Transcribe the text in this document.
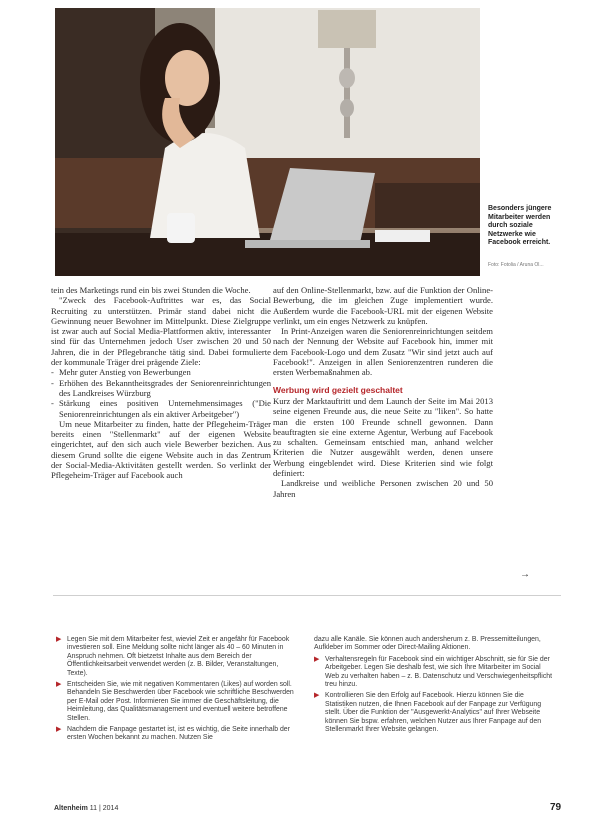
Besonders jüngere Mitarbeiter werden durch soziale Netzwerke wie Facebook erreicht.
Foto: Fotolia / Aruna Ol...

tein des Marketings rund ein bis zwei Stunden die Woche.

"Zweck des Facebook-Auftrittes war es, das Social Recruiting zu unterstützen. Primär stand dabei nicht die Gewinnung neuer Bewohner im Mittelpunkt. Diese Zielgruppe ist zwar auch auf Social Media-Plattformen aktiv, interessanter sind für das Unternehmen jedoch User zwischen 20 und 50 Jahren, die in der Pflegebranche tätig sind. Dabei formulierte der kommunale Träger drei prägende Ziele:

- Mehr guter Anstieg von Bewerbungen
- Erhöhen des Bekanntheitsgrades der Seniorenreinrichtungen des Landkreises Würzburg
- Stärkung eines positiven Unternehmensimages ("Die Seniorenreinrichtungen als ein aktiver Arbeitgeber")

Um neue Mitarbeiter zu finden, hatte der Pflegeheim-Träger bereits einen "Stellenmarkt" auf der eigenen Website eingerichtet, auf den sich auch viele Bewerber bezichen. Aus diesem Grund sollte die eigene Website auch in das Zentrum der Social-Media-Aktivitäten gestellt werden. So verlinkt der Pflegeheim-Träger auf Facebook auch

auf den Online-Stellenmarkt, bzw. auf die Funktion der Online-Bewerbung, die im gleichen Zuge implementiert wurde. Außerdem wurde die Facebook-URL mit der eigenen Website verlinkt, um ein enges Netzwerk zu knüpfen.

In Print-Anzeigen waren die Seniorenreinrichtungen seitdem nach der Nennung der Website auf Facebook hin, immer mit dem Facebook-Logo und dem Zusatz "Wir sind jetzt auch auf Facebook!". Anzeigen in allen Seniorenzentren runderen die ersten Werbemaßnahmen ab.

Werbung wird gezielt geschaltet

Kurz der Marktauftritt und dem Launch der Seite im Mai 2013 seine eigenen Freunde aus, die neue Seite zu "liken". So hatte man die ersten 100 Freunde schnell gewonnen. Dann beauftragten sie eine externe Agentur, Werbung auf Facebook zu schalten. Gemeinsam entschied man, anhand welcher Kriterien die Nutzer ausgewählt werden, denen unsere Werbung eingeblendet wird. Diese Kriterien sind wie folgt definiert:

Landkreise und weibliche Personen zwischen 20 und 50 Jahren

→
▶ Legen Sie mit dem Mitarbeiter fest, wieviel Zeit er angefähr für Facebook investieren soll. Eine Meldung sollte nicht länger als 40 – 60 Minuten in Anspruch nehmen. Oft bietzetst Inhalte aus dem Bereich der Öffentlichkeitsarbeit verwendet werden (z. B. Bilder, Veranstaltungen, Texte).
▶ Entscheiden Sie, wie mit negativen Kommentaren (Likes) auf worden soll. Behandeln Sie Beschwerden über Facebook wie schriftliche Beschwerden per E-Mail oder Post. Informieren Sie immer die Geschäftsleitung, die Heimleitung, das Qualitätsmanagement und eventuell weitere betroffene Stellen.
▶ Nachdem die Fanpage gestartet ist, ist es wichtig, die Seite innerhalb der ersten Wochen bekannt zu machen. Nutzen Sie
dazu alle Kanäle. Sie können auch andersherum z. B. Pressemitteilungen, Aufkleber im Sommer oder Direct-Mailing Aktionen.
▶ Verhaltensregeln für Facebook sind ein wichtiger Abschnitt, sie für Sie der Arbeitgeber. Legen Sie deshalb fest, wie sich Ihre Mitarbeiter im Social Web zu verhalten haben – z. B. Datenschutz und Verschwiegenheitspflicht treu hinzu.
▶ Kontrollieren Sie den Erfolg auf Facebook. Hierzu können Sie die Statistiken nutzen, die Ihnen Facebook auf der Fanpage zur Verfügung stellt. Über die Funktion der "Ausgewerkt-Analytics" auf Ihrer Webseite können Sie bspw. erfahren, welchen Nutzer aus Ihrer Fanpage auf den Stellenmarkt Ihrer Website gelangen.
Altenheim 11 | 2014	79
